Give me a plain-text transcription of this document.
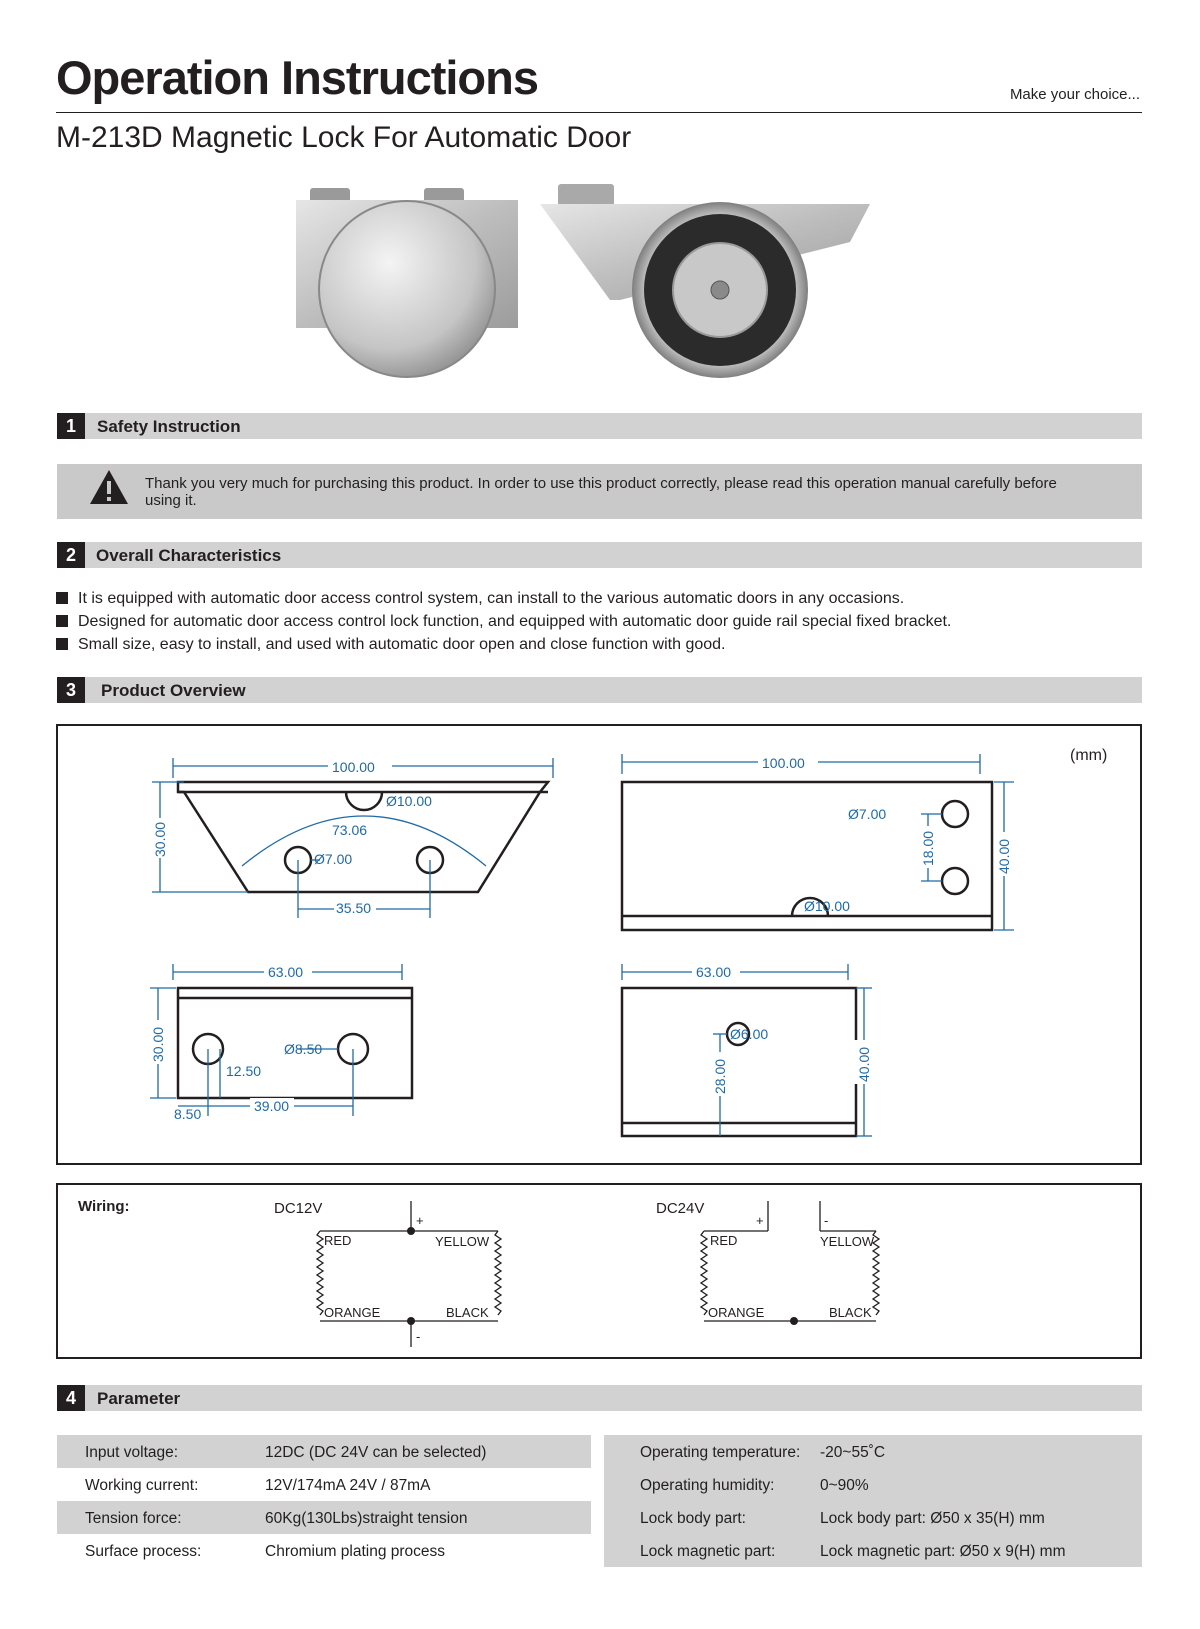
Operation Instructions	Make your choice...
M-213D Magnetic Lock For Automatic Door
1	Safety Instruction
Thank you very much for purchasing this product. In order to use this product correctly, please read this operation manual carefully before using it.
2	Overall Characteristics
It is equipped with automatic door access control system, can install to the various automatic doors in any occasions.
Designed for automatic door access control lock function, and equipped with automatic door guide rail special fixed bracket.
Small size, easy to install, and used with automatic door open and close function with good.
3	Product Overview
100.00
Ø10.00
73.06
Ø7.00
35.50
30.00
100.00
Ø7.00
18.00	40.00
Ø10.00
63.00
30.00	Ø8.50
12.50
8.50	39.00
63.00
Ø6.00
28.00	40.00
(mm)
Wiring:	DC12V
+
-
RED	YELLOW
ORANGE	BLACK
DC24V
+	-
RED	YELLOW
ORANGE	BLACK
4	Parameter
Input voltage:	12DC (DC 24V can be selected)
Working current:	12V/174mA 24V / 87mA
Tension force:	60Kg(130Lbs)straight tension
Surface process:	Chromium plating process
Operating temperature: -20~55˚C
Operating humidity:	0~90%
Lock body part:	Lock body part: Ø50 x 35(H) mm
Lock magnetic part:	Lock magnetic part: Ø50 x 9(H) mm
